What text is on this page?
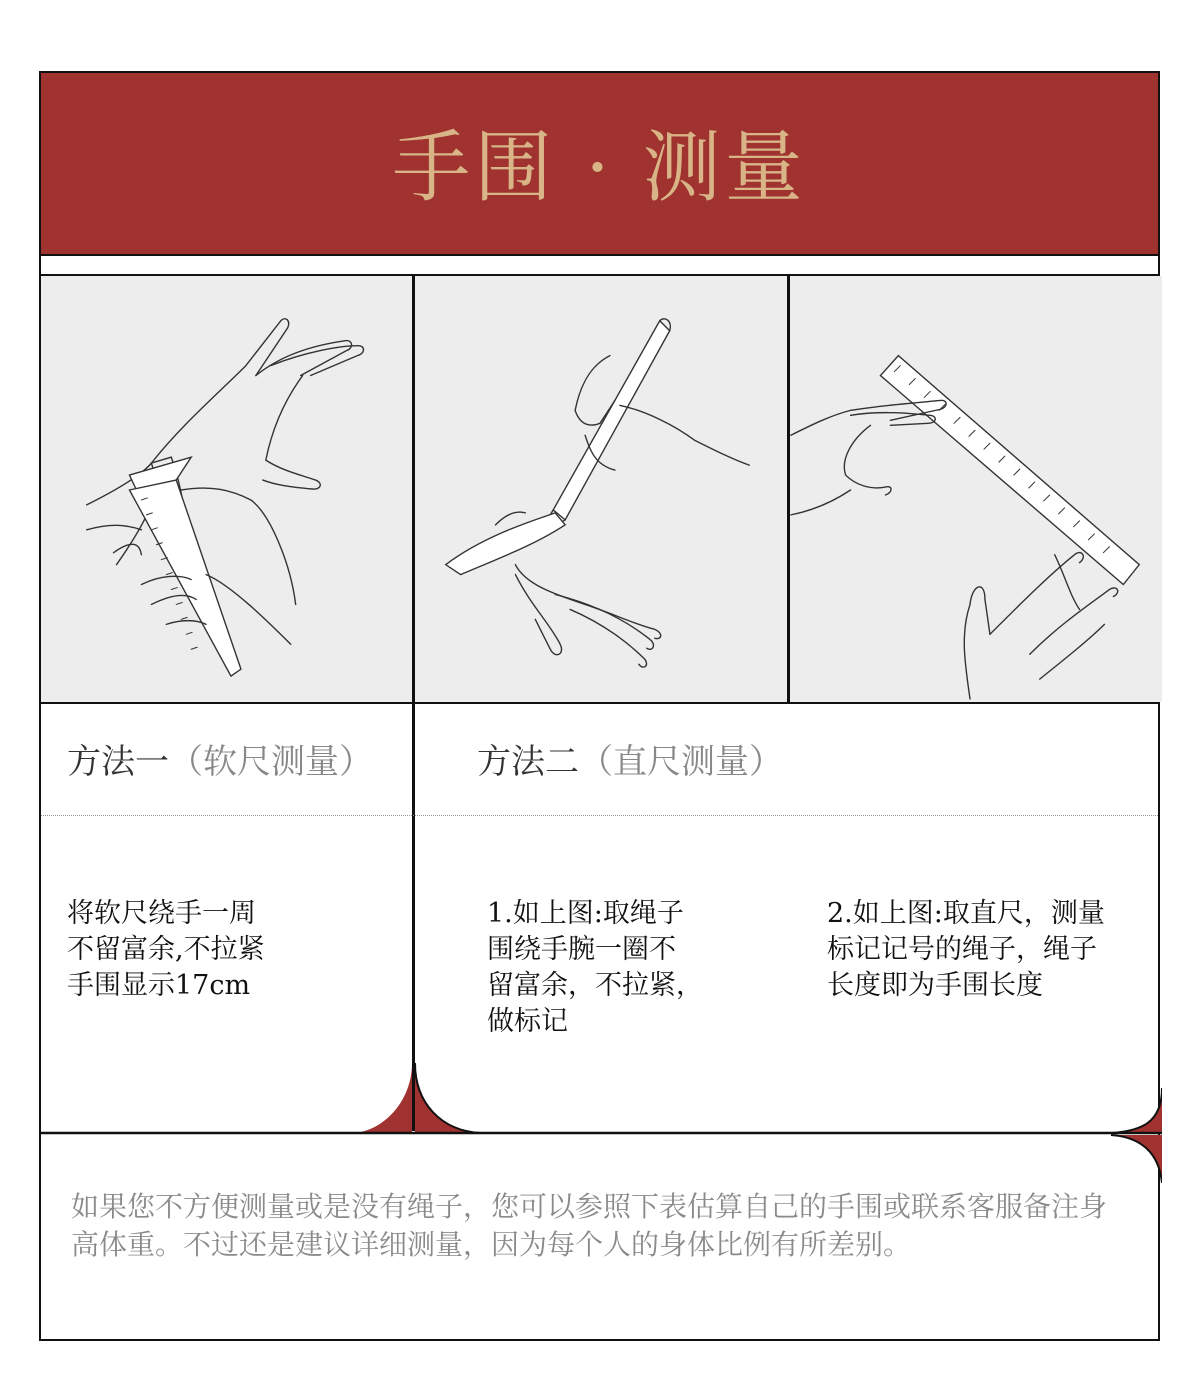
手围 · 测量
方法一（软尺测量）	方法二（直尺测量）
将软尺绕手一周
不留富余,不拉紧
手围显示17cm
1.如上图:取绳子
围绕手腕一圈不
留富余，不拉紧，
做标记
2.如上图:取直尺，测量
标记记号的绳子，绳子
长度即为手围长度
如果您不方便测量或是没有绳子，您可以参照下表估算自己的手围或联系客服备注身高体重。不过还是建议详细测量，因为每个人的身体比例有所差别。
